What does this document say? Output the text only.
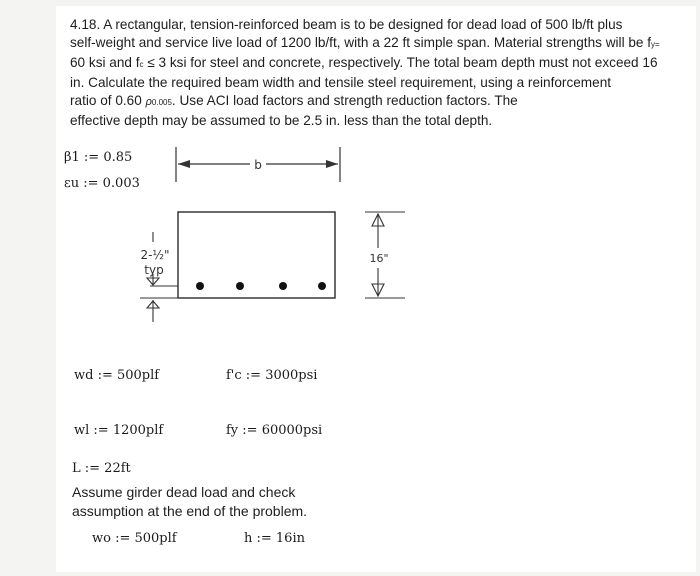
4.18. A rectangular, tension-reinforced beam is to be designed for dead load of 500 lb/ft plus
self-weight and service live load of 1200 lb/ft, with a 22 ft simple span. Material strengths will be fy=
60 ksi and fc ≤ 3 ksi for steel and concrete, respectively. The total beam depth must not exceed 16
in. Calculate the required beam width and tensile steel requirement, using a reinforcement
ratio of 0.60 ρ0.005. Use ACI load factors and strength reduction factors. The
effective depth may be assumed to be 2.5 in. less than the total depth.
β1 := 0.85
εu := 0.003
b
2-½"
typ
16"
wd := 500plf	f'c := 3000psi
wl := 1200plf	fy := 60000psi
L := 22ft
Assume girder dead load and check
assumption at the end of the problem.
wo := 500plf	h := 16in
